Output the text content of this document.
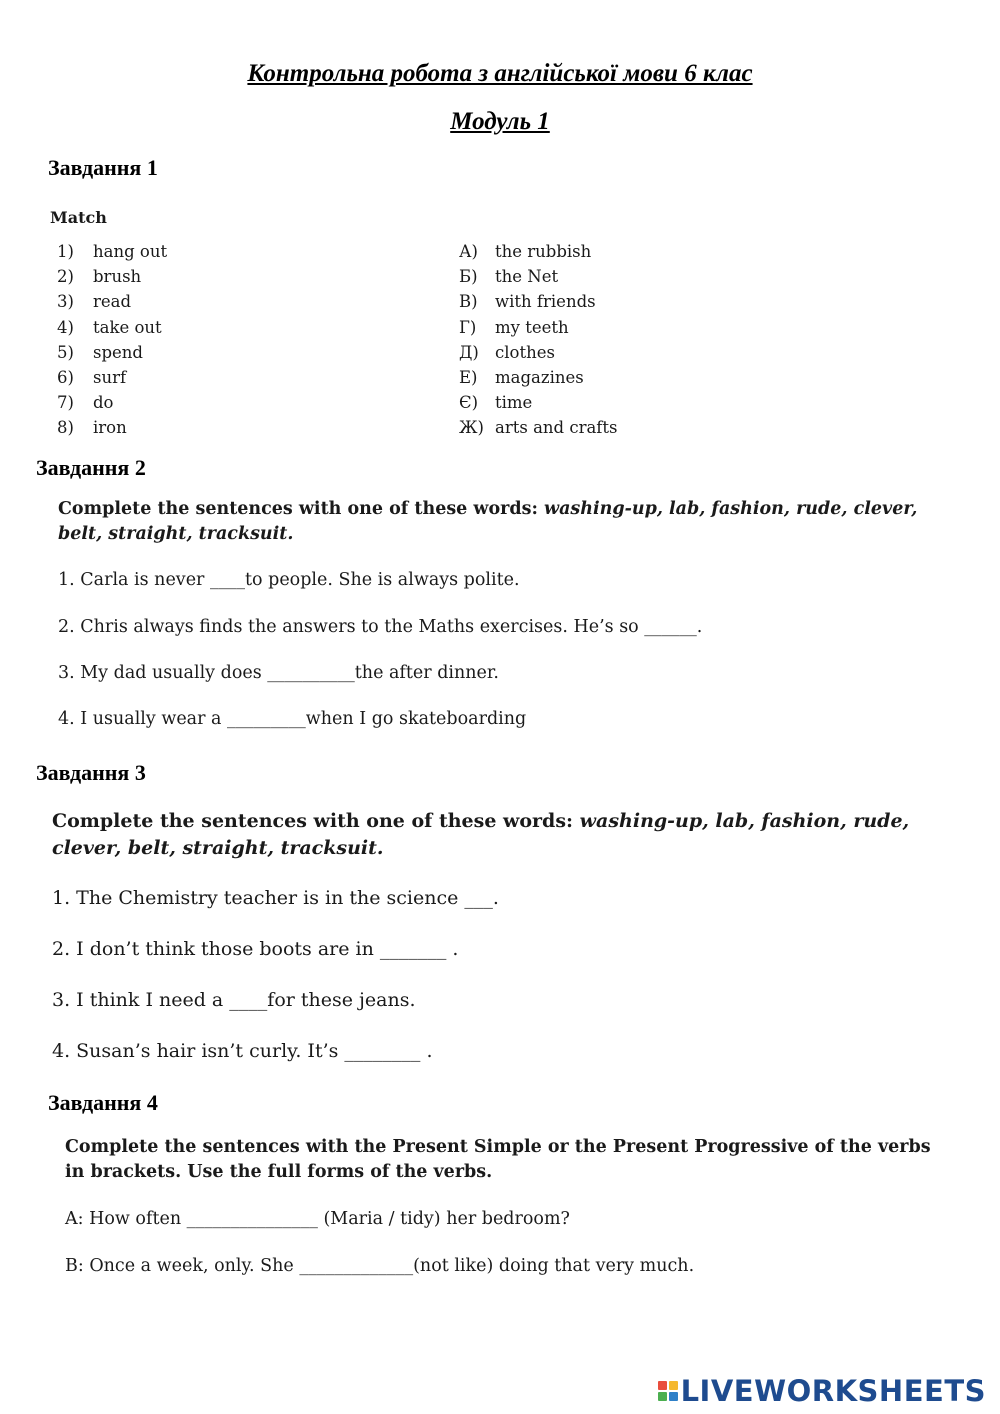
Контрольна робота з англійської мови 6 клас
Модуль 1
Завдання 1
Match
1) hang out
2) brush
3) read
4) take out
5) spend
6) surf
7) do
8) iron
А) the rubbish
Б) the Net
В) with friends
Г) my teeth
Д) clothes
Е) magazines
Є) time
Ж) arts and crafts
Завдання 2
Complete the sentences with one of these words: washing-up, lab, fashion, rude, clever, belt, straight, tracksuit.
1. Carla is never ____to people. She is always polite.
2. Chris always finds the answers to the Maths exercises. He’s so ______.
3. My dad usually does __________the after dinner.
4. I usually wear a _________when I go skateboarding
Завдання 3
Complete the sentences with one of these words: washing-up, lab, fashion, rude, clever, belt, straight, tracksuit.
1. The Chemistry teacher is in the science ___.
2. I don’t think those boots are in _______ .
3. I think I need a ____for these jeans.
4. Susan’s hair isn’t curly. It’s ________ .
Завдання 4
Complete the sentences with the Present Simple or the Present Progressive of the verbs in brackets. Use the full forms of the verbs.
A: How often _______________ (Maria / tidy) her bedroom?
B: Once a week, only. She _____________(not like) doing that very much.
LIVEWORKSHEETS
